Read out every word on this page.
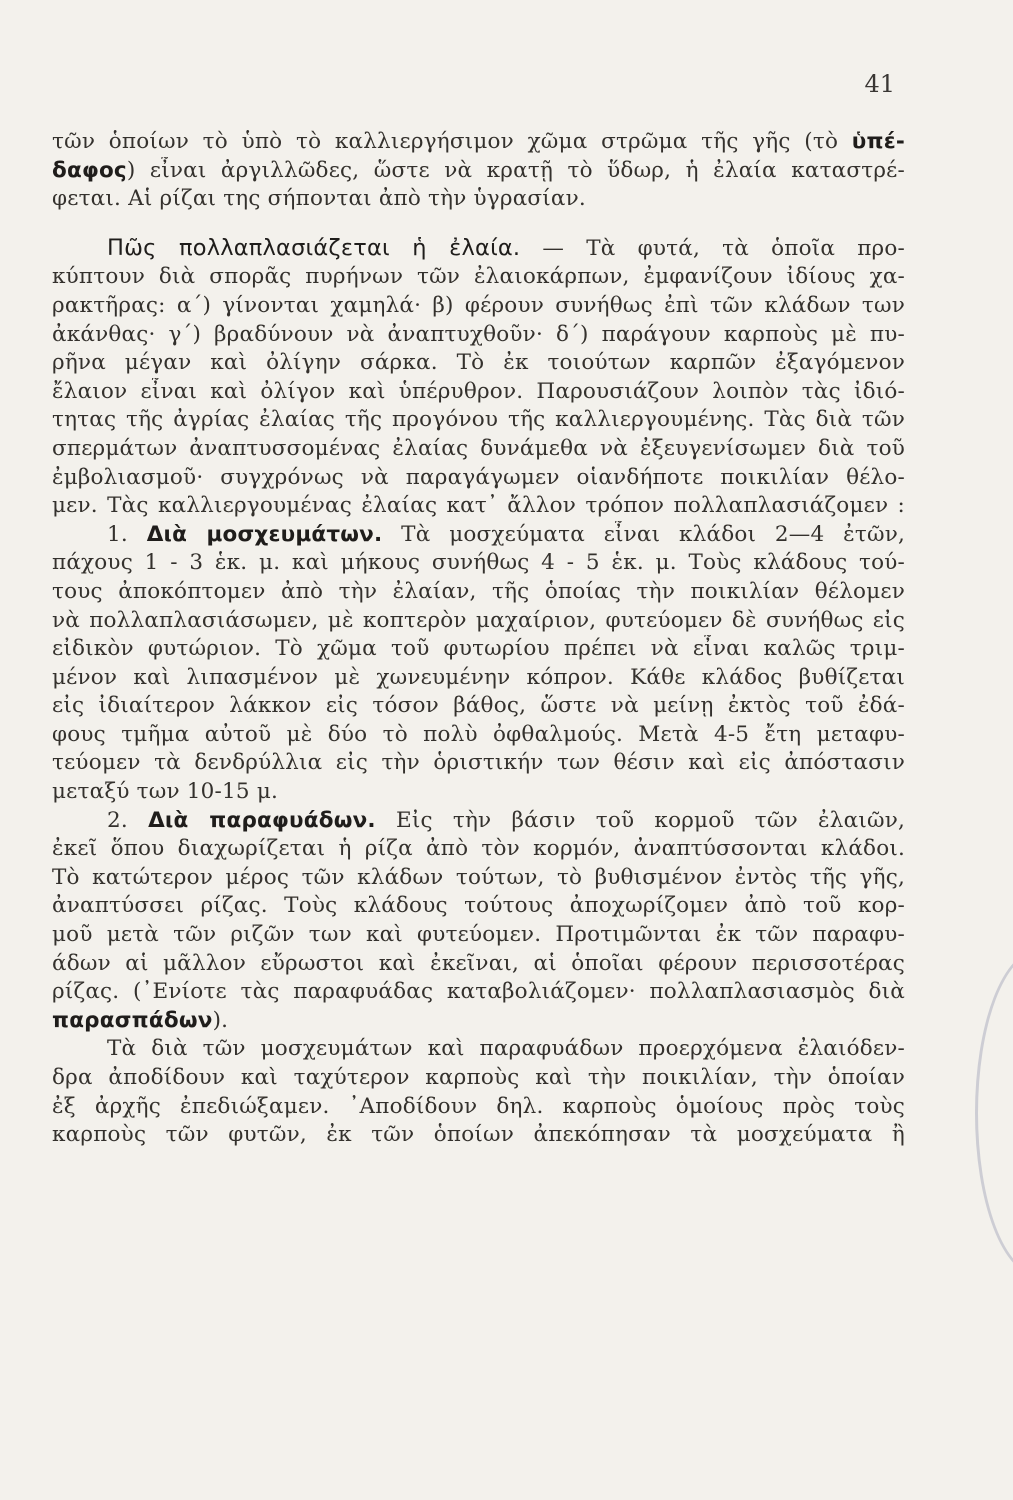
41
τῶν ὁποίων τὸ ὑπὸ τὸ καλλιεργήσιμον χῶμα στρῶμα τῆς γῆς (τὸ ὑπέ-
δαφος) εἶναι ἀργιλλῶδες, ὥστε νὰ κρατῇ τὸ ὕδωρ, ἡ ἐλαία καταστρέ-
φεται. Αἱ ρίζαι της σήπονται ἀπὸ τὴν ὑγρασίαν.
Πῶς πολλαπλασιάζεται ἡ ἐλαία. — Τὰ φυτά, τὰ ὁποῖα προ-
κύπτουν διὰ σπορᾶς πυρήνων τῶν ἐλαιοκάρπων, ἐμφανίζουν ἰδίους χα-
ρακτῆρας: α΄) γίνονται χαμηλά· β) φέρουν συνήθως ἐπὶ τῶν κλάδων των
ἀκάνθας· γ΄) βραδύνουν νὰ ἀναπτυχθοῦν· δ΄) παράγουν καρποὺς μὲ πυ-
ρῆνα μέγαν καὶ ὀλίγην σάρκα. Τὸ ἐκ τοιούτων καρπῶν ἐξαγόμενον
ἔλαιον εἶναι καὶ ὀλίγον καὶ ὑπέρυθρον. Παρουσιάζουν λοιπὸν τὰς ἰδιό-
τητας τῆς ἀγρίας ἐλαίας τῆς προγόνου τῆς καλλιεργουμένης. Τὰς διὰ τῶν
σπερμάτων ἀναπτυσσομένας ἐλαίας δυνάμεθα νὰ ἐξευγενίσωμεν διὰ τοῦ
ἐμβολιασμοῦ· συγχρόνως νὰ παραγάγωμεν οἱανδήποτε ποικιλίαν θέλο-
μεν. Τὰς καλλιεργουμένας ἐλαίας κατ᾽ ἄλλον τρόπον πολλαπλασιάζομεν :
1. Διὰ μοσχευμάτων. Τὰ μοσχεύματα εἶναι κλάδοι 2—4 ἐτῶν,
πάχους 1 - 3 ἑκ. μ. καὶ μήκους συνήθως 4 - 5 ἑκ. μ. Τοὺς κλάδους τού-
τους ἀποκόπτομεν ἀπὸ τὴν ἐλαίαν, τῆς ὁποίας τὴν ποικιλίαν θέλομεν
νὰ πολλαπλασιάσωμεν, μὲ κοπτερὸν μαχαίριον, φυτεύομεν δὲ συνήθως εἰς
εἰδικὸν φυτώριον. Τὸ χῶμα τοῦ φυτωρίου πρέπει νὰ εἶναι καλῶς τριμ-
μένον καὶ λιπασμένον μὲ χωνευμένην κόπρον. Κάθε κλάδος βυθίζεται
εἰς ἰδιαίτερον λάκκον εἰς τόσον βάθος, ὥστε νὰ μείνῃ ἐκτὸς τοῦ ἐδά-
φους τμῆμα αὐτοῦ μὲ δύο τὸ πολὺ ὀφθαλμούς. Μετὰ 4-5 ἔτη μεταφυ-
τεύομεν τὰ δενδρύλλια εἰς τὴν ὁριστικήν των θέσιν καὶ εἰς ἀπόστασιν
μεταξύ των 10-15 μ.
2. Διὰ παραφυάδων. Εἰς τὴν βάσιν τοῦ κορμοῦ τῶν ἐλαιῶν,
ἐκεῖ ὅπου διαχωρίζεται ἡ ρίζα ἀπὸ τὸν κορμόν, ἀναπτύσσονται κλάδοι.
Τὸ κατώτερον μέρος τῶν κλάδων τούτων, τὸ βυθισμένον ἐντὸς τῆς γῆς,
ἀναπτύσσει ρίζας. Τοὺς κλάδους τούτους ἀποχωρίζομεν ἀπὸ τοῦ κορ-
μοῦ μετὰ τῶν ριζῶν των καὶ φυτεύομεν. Προτιμῶνται ἐκ τῶν παραφυ-
άδων αἱ μᾶλλον εὔρωστοι καὶ ἐκεῖναι, αἱ ὁποῖαι φέρουν περισσοτέρας
ρίζας. (᾿Ενίοτε τὰς παραφυάδας καταβολιάζομεν· πολλαπλασιασμὸς διὰ
παρασπάδων).
Τὰ διὰ τῶν μοσχευμάτων καὶ παραφυάδων προερχόμενα ἐλαιόδεν-
δρα ἀποδίδουν καὶ ταχύτερον καρποὺς καὶ τὴν ποικιλίαν, τὴν ὁποίαν
ἐξ ἀρχῆς ἐπεδιώξαμεν. ᾿Αποδίδουν δηλ. καρποὺς ὁμοίους πρὸς τοὺς
καρποὺς τῶν φυτῶν, ἐκ τῶν ὁποίων ἀπεκόπησαν τὰ μοσχεύματα ἢ
